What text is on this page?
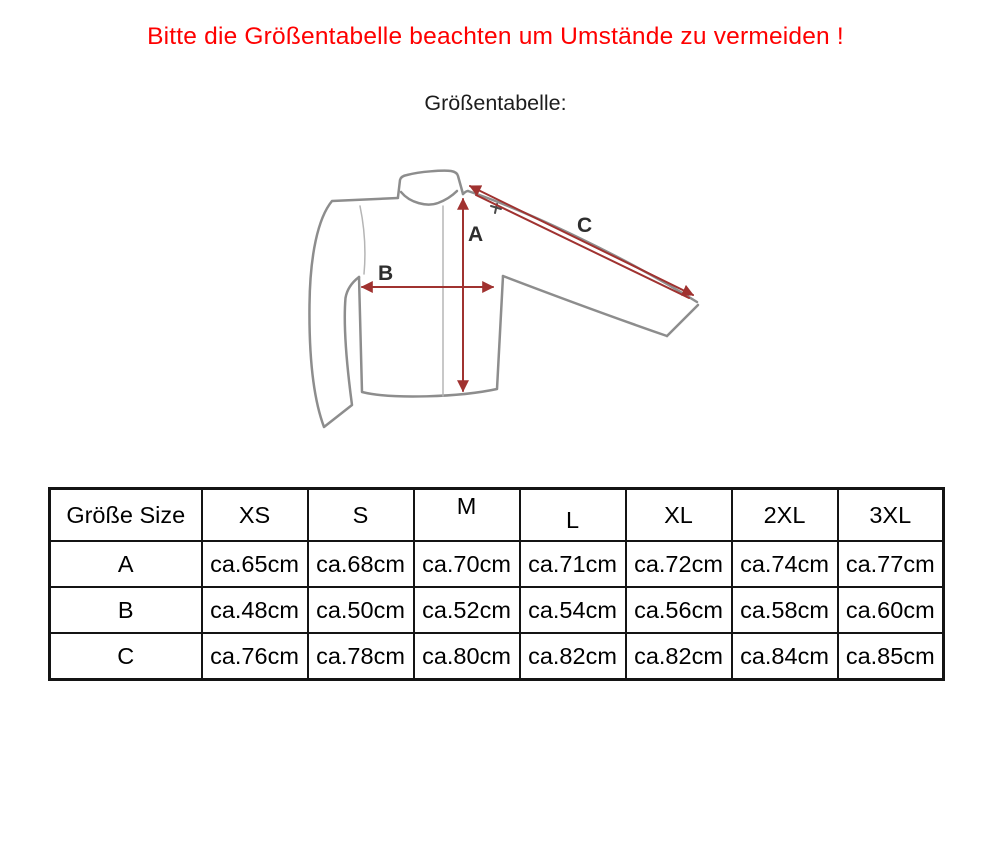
Bitte die Größentabelle beachten um Umstände zu vermeiden !
Größentabelle:
A
B
C
Größe Size	XS	S	M	L	XL	2XL	3XL
A	ca.65cm	ca.68cm	ca.70cm	ca.71cm	ca.72cm	ca.74cm	ca.77cm
B	ca.48cm	ca.50cm	ca.52cm	ca.54cm	ca.56cm	ca.58cm	ca.60cm
C	ca.76cm	ca.78cm	ca.80cm	ca.82cm	ca.82cm	ca.84cm	ca.85cm
